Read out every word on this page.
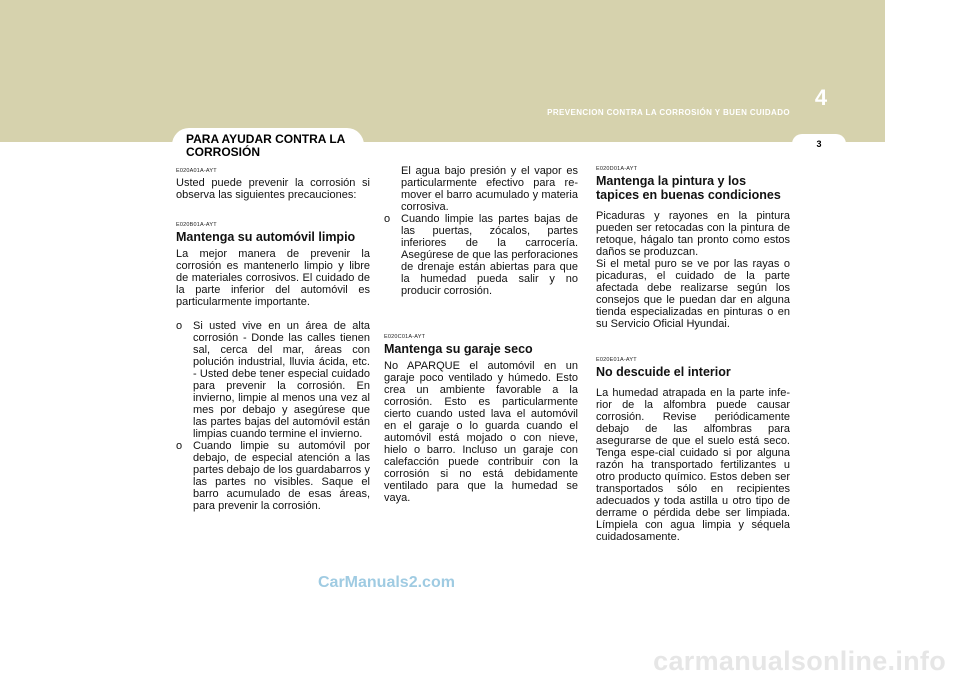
PREVENCION CONTRA LA CORROSIÓN Y BUEN CUIDADO
4
3
PARA AYUDAR CONTRA LA CORROSIÓN
E020A01A-AYT

Usted puede prevenir la corrosión si observa las siguientes precauciones:

E020B01A-AYT
Mantenga su automóvil limpio

La mejor manera de prevenir la corrosión es mantenerlo limpio y libre de materiales corrosivos. El cuidado de la parte inferior del automóvil es particularmente importante.

o Si usted vive en un área de alta corrosión - Donde las calles tienen sal, cerca del mar, áreas con polución industrial, lluvia ácida, etc. - Usted debe tener especial cuidado para prevenir la corrosión. En invierno, limpie al menos una vez al mes por debajo y asegúrese que las partes bajas del automóvil están limpias cuando termine el invierno.
o Cuando limpie su automóvil por debajo, de especial atención a las partes debajo de los guardabarros y las partes no visibles. Saque el barro acumulado de esas áreas, para prevenir la corrosión.
El agua bajo presión y el vapor es particularmente efectivo para re-mover el barro acumulado y materia corrosiva.
o Cuando limpie las partes bajas de las puertas, zócalos, partes inferiores de la carrocería. Asegúrese de que las perforaciones de drenaje están abiertas para que la humedad pueda salir y no producir corrosión.
E020C01A-AYT
Mantenga su garaje seco

No APARQUE el automóvil en un garaje poco ventilado y húmedo. Esto crea un ambiente favorable a la corrosión. Esto es particularmente cierto cuando usted lava el automóvil en el garaje o lo guarda cuando el automóvil está mojado o con nieve, hielo o barro. Incluso un garaje con calefacción puede contribuir con la corrosión si no está debidamente ventilado para que la humedad se vaya.

E020D01A-AYT
Mantenga la pintura y los tapices en buenas condiciones

Picaduras y rayones en la pintura pueden ser retocadas con la pintura de retoque, hágalo tan pronto como estos daños se produzcan.

Si el metal puro se ve por las rayas o picaduras, el cuidado de la parte afectada debe realizarse según los consejos que le puedan dar en alguna tienda especializadas en pinturas o en su Servicio Oficial Hyundai.

E020E01A-AYT
No descuide el interior

La humedad atrapada en la parte infe-rior de la alfombra puede causar corrosión. Revise periódicamente debajo de las alfombras para asegurarse de que el suelo está seco. Tenga espe-cial cuidado si por alguna razón ha transportado fertilizantes u otro producto químico. Estos deben ser transportados sólo en recipientes adecuados y toda astilla u otro tipo de derrame o pérdida debe ser limpiada. Límpiela con agua limpia y séquela cuidadosamente.

CarManuals2.com
carmanualsonline.info
